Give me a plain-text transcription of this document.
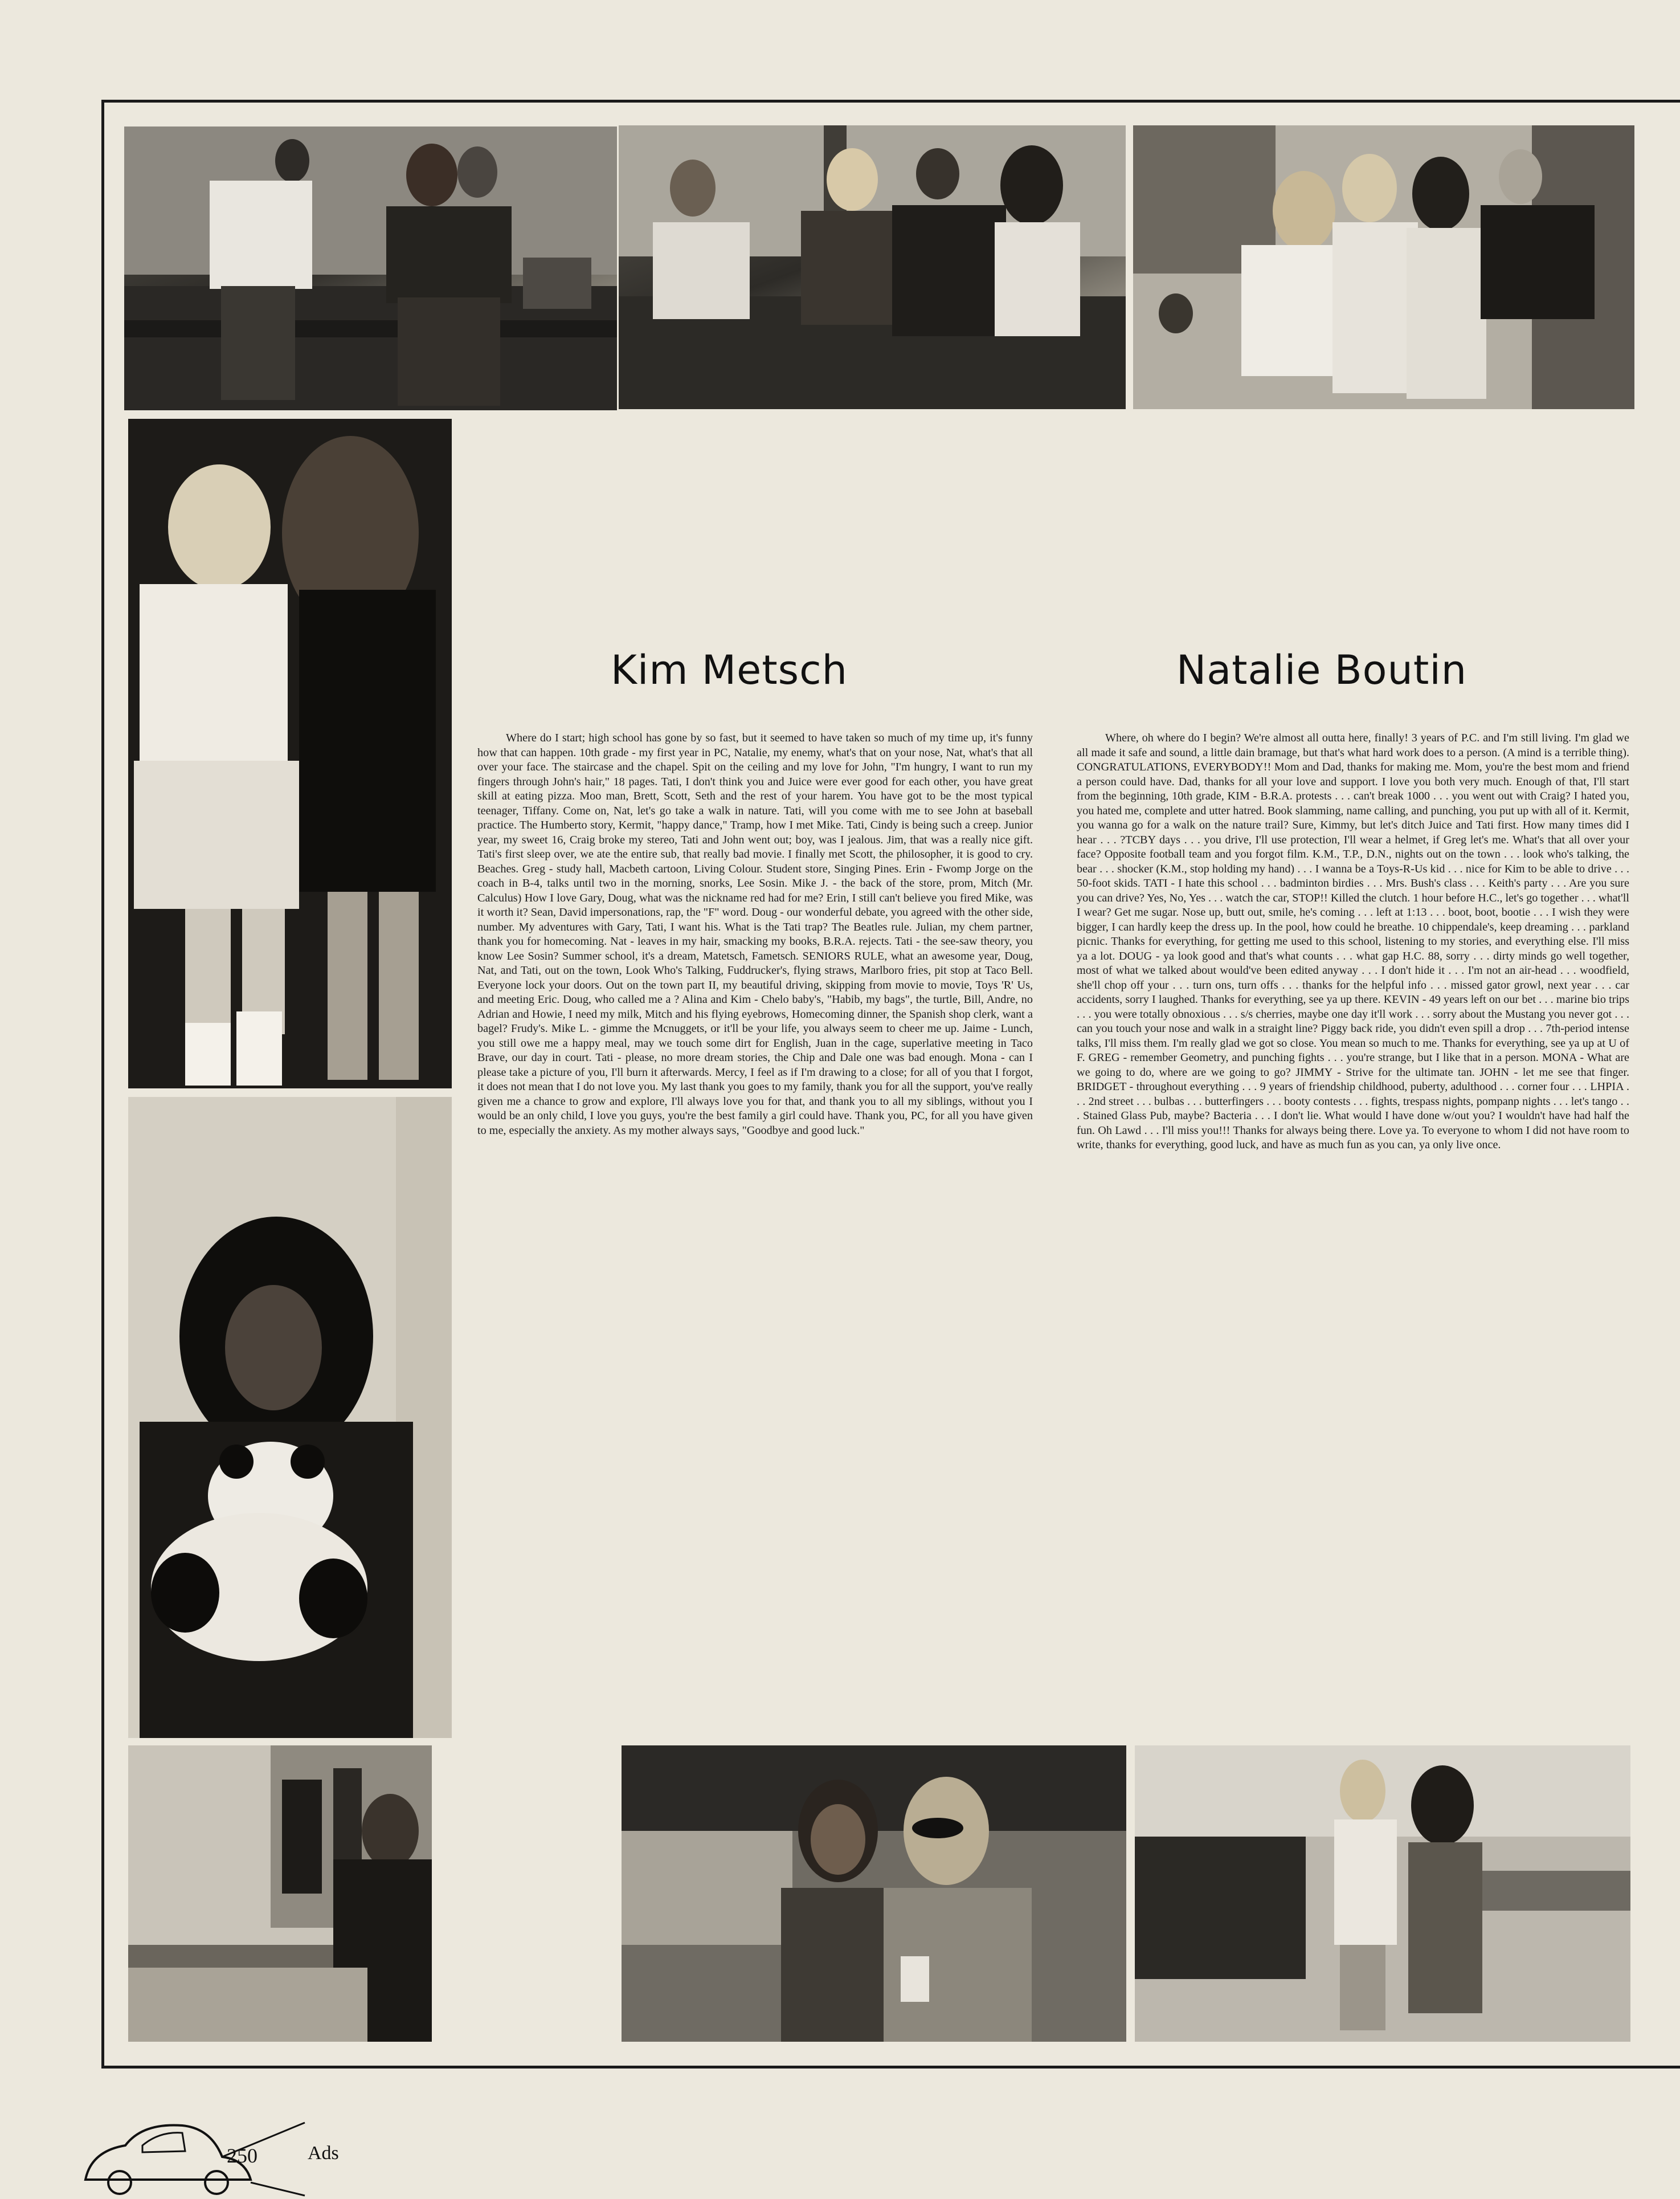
Kim Metsch	Natalie Boutin

Where do I start; high school has gone by so fast, but it seemed to have taken so much of my time up, it's funny how that can happen. 10th grade - my first year in PC, Natalie, my enemy, what's that on your nose, Nat, what's that all over your face. The staircase and the chapel. Spit on the ceiling and my love for John, "I'm hungry, I want to run my fingers through John's hair," 18 pages. Tati, I don't think you and Juice were ever good for each other, you have great skill at eating pizza. Moo man, Brett, Scott, Seth and the rest of your harem. You have got to be the most typical teenager, Tiffany. Come on, Nat, let's go take a walk in nature. Tati, will you come with me to see John at baseball practice. The Humberto story, Kermit, "happy dance," Tramp, how I met Mike. Tati, Cindy is being such a creep. Junior year, my sweet 16, Craig broke my stereo, Tati and John went out; boy, was I jealous. Jim, that was a really nice gift. Tati's first sleep over, we ate the entire sub, that really bad movie. I finally met Scott, the philosopher, it is good to cry. Beaches. Greg - study hall, Macbeth cartoon, Living Colour. Student store, Singing Pines. Erin - Fwomp Jorge on the coach in B-4, talks until two in the morning, snorks, Lee Sosin. Mike J. - the back of the store, prom, Mitch (Mr. Calculus) How I love Gary, Doug, what was the nickname red had for me? Erin, I still can't believe you fired Mike, was it worth it? Sean, David impersonations, rap, the "F" word. Doug - our wonderful debate, you agreed with the other side, number. My adventures with Gary, Tati, I want his. What is the Tati trap? The Beatles rule. Julian, my chem partner, thank you for homecoming. Nat - leaves in my hair, smacking my books, B.R.A. rejects. Tati - the see-saw theory, you know Lee Sosin? Summer school, it's a dream, Matetsch, Fametsch. SENIORS RULE, what an awesome year, Doug, Nat, and Tati, out on the town, Look Who's Talking, Fuddrucker's, flying straws, Marlboro fries, pit stop at Taco Bell. Everyone lock your doors. Out on the town part II, my beautiful driving, skipping from movie to movie, Toys 'R' Us, and meeting Eric. Doug, who called me a ? Alina and Kim - Chelo baby's, "Habib, my bags", the turtle, Bill, Andre, no Adrian and Howie, I need my milk, Mitch and his flying eyebrows, Homecoming dinner, the Spanish shop clerk, want a bagel? Frudy's. Mike L. - gimme the Mcnuggets, or it'll be your life, you always seem to cheer me up. Jaime - Lunch, you still owe me a happy meal, may we touch some dirt for English, Juan in the cage, superlative meeting in Taco Brave, our day in court. Tati - please, no more dream stories, the Chip and Dale one was bad enough. Mona - can I please take a picture of you, I'll burn it afterwards. Mercy, I feel as if I'm drawing to a close; for all of you that I forgot, it does not mean that I do not love you. My last thank you goes to my family, thank you for all the support, you've really given me a chance to grow and explore, I'll always love you for that, and thank you to all my siblings, without you I would be an only child, I love you guys, you're the best family a girl could have. Thank you, PC, for all you have given to me, especially the anxiety. As my mother always says, "Goodbye and good luck."

Where, oh where do I begin? We're almost all outta here, finally! 3 years of P.C. and I'm still living. I'm glad we all made it safe and sound, a little dain bramage, but that's what hard work does to a person. (A mind is a terrible thing). CONGRATULATIONS, EVERYBODY!! Mom and Dad, thanks for making me. Mom, you're the best mom and friend a person could have. Dad, thanks for all your love and support. I love you both very much. Enough of that, I'll start from the beginning, 10th grade, KIM - B.R.A. protests . . . can't break 1000 . . . you went out with Craig? I hated you, you hated me, complete and utter hatred. Book slamming, name calling, and punching, you put up with all of it. Kermit, you wanna go for a walk on the nature trail? Sure, Kimmy, but let's ditch Juice and Tati first. How many times did I hear . . . ?TCBY days . . . you drive, I'll use protection, I'll wear a helmet, if Greg let's me. What's that all over your face? Opposite football team and you forgot film. K.M., T.P., D.N., nights out on the town . . . look who's talking, the bear . . . shocker (K.M., stop holding my hand) . . . I wanna be a Toys-R-Us kid . . . nice for Kim to be able to drive . . . 50-foot skids. TATI - I hate this school . . . badminton birdies . . . Mrs. Bush's class . . . Keith's party . . . Are you sure you can drive? Yes, No, Yes . . . watch the car, STOP!! Killed the clutch. 1 hour before H.C., let's go together . . . what'll I wear? Get me sugar. Nose up, butt out, smile, he's coming . . . left at 1:13 . . . boot, boot, bootie . . . I wish they were bigger, I can hardly keep the dress up. In the pool, how could he breathe. 10 chippendale's, keep dreaming . . . parkland picnic. Thanks for everything, for getting me used to this school, listening to my stories, and everything else. I'll miss ya a lot. DOUG - ya look good and that's what counts . . . what gap H.C. 88, sorry . . . dirty minds go well together, most of what we talked about would've been edited anyway . . . I don't hide it . . . I'm not an air-head . . . woodfield, she'll chop off your . . . turn ons, turn offs . . . thanks for the helpful info . . . missed gator growl, next year . . . car accidents, sorry I laughed. Thanks for everything, see ya up there. KEVIN - 49 years left on our bet . . . marine bio trips . . . you were totally obnoxious . . . s/s cherries, maybe one day it'll work . . . sorry about the Mustang you never got . . . can you touch your nose and walk in a straight line? Piggy back ride, you didn't even spill a drop . . . 7th-period intense talks, I'll miss them. I'm really glad we got so close. You mean so much to me. Thanks for everything, see ya up at U of F. GREG - remember Geometry, and punching fights . . . you're strange, but I like that in a person. MONA - What are we going to do, where are we going to go? JIMMY - Strive for the ultimate tan. JOHN - let me see that finger. BRIDGET - throughout everything . . . 9 years of friendship childhood, puberty, adulthood . . . corner four . . . LHPIA . . . 2nd street . . . bulbas . . . butterfingers . . . booty contests . . . fights, trespass nights, pompanp nights . . . let's tango . . . Stained Glass Pub, maybe? Bacteria . . . I don't lie. What would I have done w/out you? I wouldn't have had half the fun. Oh Lawd . . . I'll miss you!!! Thanks for always being there. Love ya. To everyone to whom I did not have room to write, thanks for everything, good luck, and have as much fun as you can, ya only live once.

250	Ads
